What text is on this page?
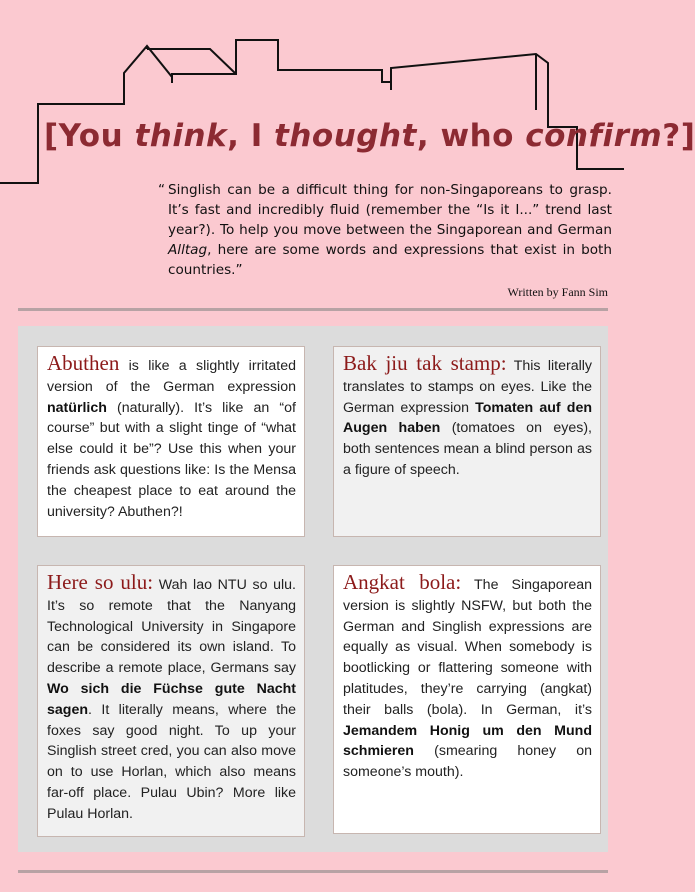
[You think, I thought, who confirm?]
“ Singlish can be a difficult thing for non-Singaporeans to grasp. It’s fast and incredibly fluid (remember the “Is it I...” trend last year?). To help you move between the Singaporean and German Alltag, here are some words and expressions that exist in both countries.”
Written by Fann Sim
Abuthen is like a slightly irritated version of the German expression natürlich (naturally). It’s like an “of course” but with a slight tinge of “what else could it be”? Use this when your friends ask questions like: Is the Mensa the cheapest place to eat around the university? Abuthen?!
Bak jiu tak stamp: This literally translates to stamps on eyes. Like the German expression Tomaten auf den Augen haben (tomatoes on eyes), both sentences mean a blind person as a figure of speech.
Here so ulu: Wah lao NTU so ulu. It’s so remote that the Nanyang Technological University in Singapore can be considered its own island. To describe a remote place, Germans say Wo sich die Füchse gute Nacht sagen. It literally means, where the foxes say good night. To up your Singlish street cred, you can also move on to use Horlan, which also means far-off place. Pulau Ubin? More like Pulau Horlan.
Angkat bola: The Singaporean version is slightly NSFW, but both the German and Singlish expressions are equally as visual. When somebody is bootlicking or flattering someone with platitudes, they’re carrying (angkat) their balls (bola). In German, it’s Jemandem Honig um den Mund schmieren (smearing honey on someone’s mouth).
